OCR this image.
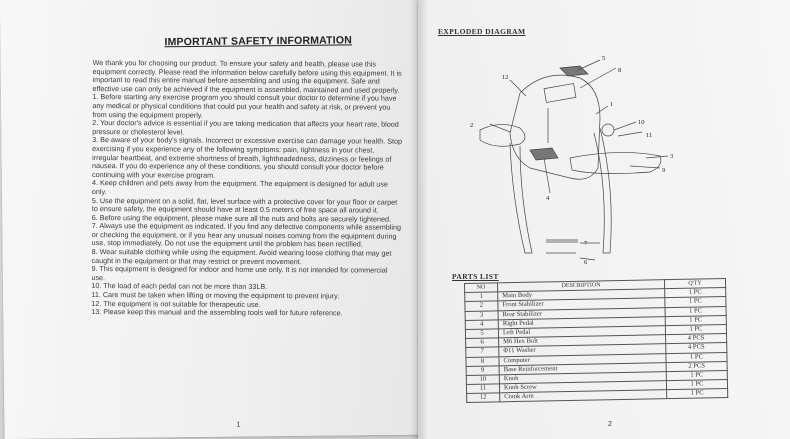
IMPORTANT SAFETY INFORMATION

We thank you for choosing our product. To ensure your safety and health, please use this equipment correctly. Please read the information below carefully before using this equipment. It is important to read this entire manual before assembling and using the equipment. Safe and effective use can only be achieved if the equipment is assembled, maintained and used properly.

1. Before starting any exercise program you should consult your doctor to determine if you have any medical or physical conditions that could put your health and safety at risk, or prevent you from using the equipment properly.

2. Your doctor's advice is essential if you are taking medication that affects your heart rate, blood pressure or cholesterol level.

3. Be aware of your body's signals. Incorrect or excessive exercise can damage your health. Stop exercising if you experience any of the following symptoms: pain, tightness in your chest, irregular heartbeat, and extreme shortness of breath, lightheadedness, dizziness or feelings of nausea. If you do experience any of these conditions, you should consult your doctor before continuing with your exercise program.

4. Keep children and pets away from the equipment. The equipment is designed for adult use only.

5. Use the equipment on a solid, flat, level surface with a protective cover for your floor or carpet to ensure safety, the equipment should have at least 0.5 meters of free space all around it.

6. Before using the equipment, please make sure all the nuts and bolts are securely tightened.

7. Always use the equipment as indicated. If you find any defective components while assembling or checking the equipment, or if you hear any unusual noises coming from the equipment during use, stop immediately. Do not use the equipment until the problem has been rectified.

8. Wear suitable clothing while using the equipment. Avoid wearing loose clothing that may get caught in the equipment or that may restrict or prevent movement.

9. This equipment is designed for indoor and home use only. It is not intended for commercial use.

10. The load of each pedal can not be more than 33LB.

11. Care must be taken when lifting or moving the equipment to prevent injury.

12. The equipment is not suitable for therapeutic use.

13. Please keep this manual and the assembling tools well for future reference.

1
EXPLODED DIAGRAM
12
5
8
1
2	10
11
3
9
4
7
6
PARTS LIST
NO	DESCRIPTION	Q'TY
1	Main Body	1 PC
2	Front Stabilizer	1 PC
3	Rear Stabilizer	1 PC
4	Right Pedal	1 PC
5	Left Pedal	1 PC
6	M6 Hex Bolt	4 PCS
7	Φ11 Washer	4 PCS
8	Computer	1 PC
9	Base Reinforcement	2 PCS
10	Knob	1 PC
11	Knob Screw	1 PC
12	Crank Arm	1 PC
2
